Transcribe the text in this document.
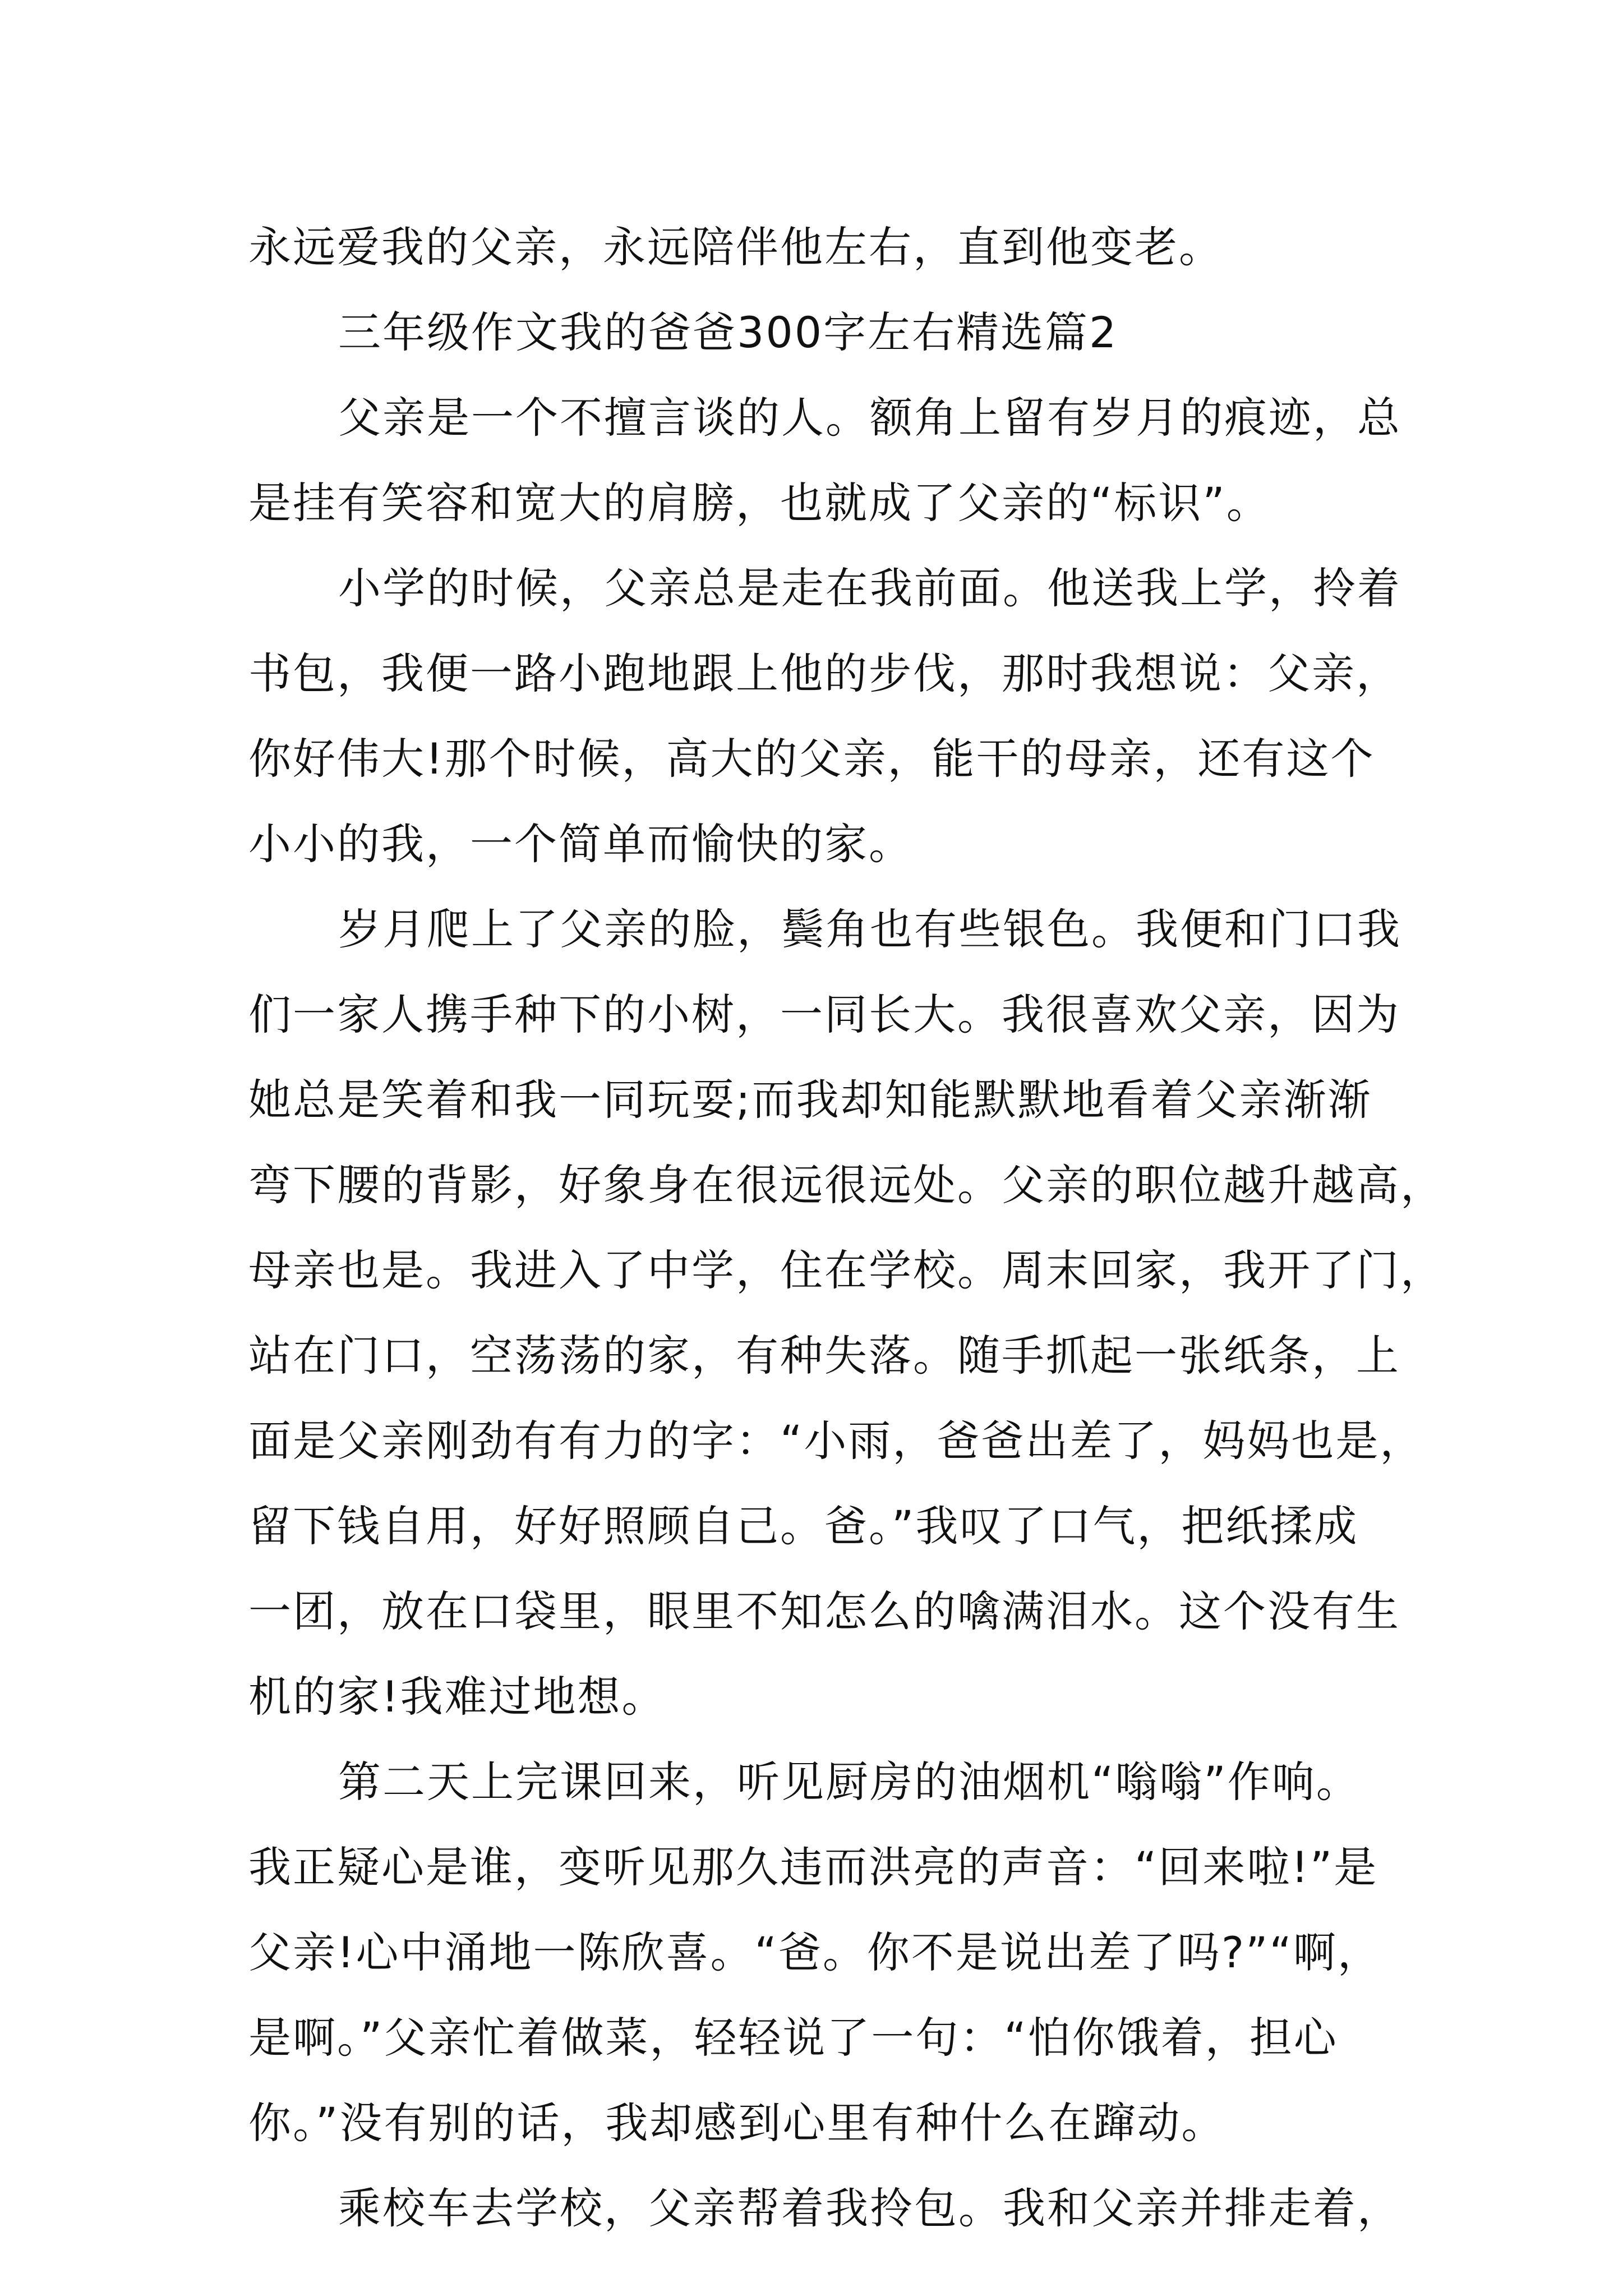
永远爱我的父亲，永远陪伴他左右，直到他变老。
三年级作文我的爸爸300字左右精选篇2
父亲是一个不擅言谈的人。额角上留有岁月的痕迹，总
是挂有笑容和宽大的肩膀，也就成了父亲的“标识”。
小学的时候，父亲总是走在我前面。他送我上学，拎着
书包，我便一路小跑地跟上他的步伐，那时我想说：父亲，
你好伟大!那个时候，高大的父亲，能干的母亲，还有这个
小小的我，一个简单而愉快的家。
岁月爬上了父亲的脸，鬓角也有些银色。我便和门口我
们一家人携手种下的小树，一同长大。我很喜欢父亲，因为
她总是笑着和我一同玩耍;而我却知能默默地看着父亲渐渐
弯下腰的背影，好象身在很远很远处。父亲的职位越升越高，
母亲也是。我进入了中学，住在学校。周末回家，我开了门，
站在门口，空荡荡的家，有种失落。随手抓起一张纸条，上
面是父亲刚劲有有力的字：“小雨，爸爸出差了，妈妈也是，
留下钱自用，好好照顾自己。爸。”我叹了口气，把纸揉成
一团，放在口袋里，眼里不知怎么的噙满泪水。这个没有生
机的家!我难过地想。
第二天上完课回来，听见厨房的油烟机“嗡嗡”作响。
我正疑心是谁，变听见那久违而洪亮的声音：“回来啦!”是
父亲!心中涌地一陈欣喜。“爸。你不是说出差了吗?”“啊，
是啊。”父亲忙着做菜，轻轻说了一句：“怕你饿着，担心
你。”没有别的话，我却感到心里有种什么在蹿动。
乘校车去学校，父亲帮着我拎包。我和父亲并排走着，
